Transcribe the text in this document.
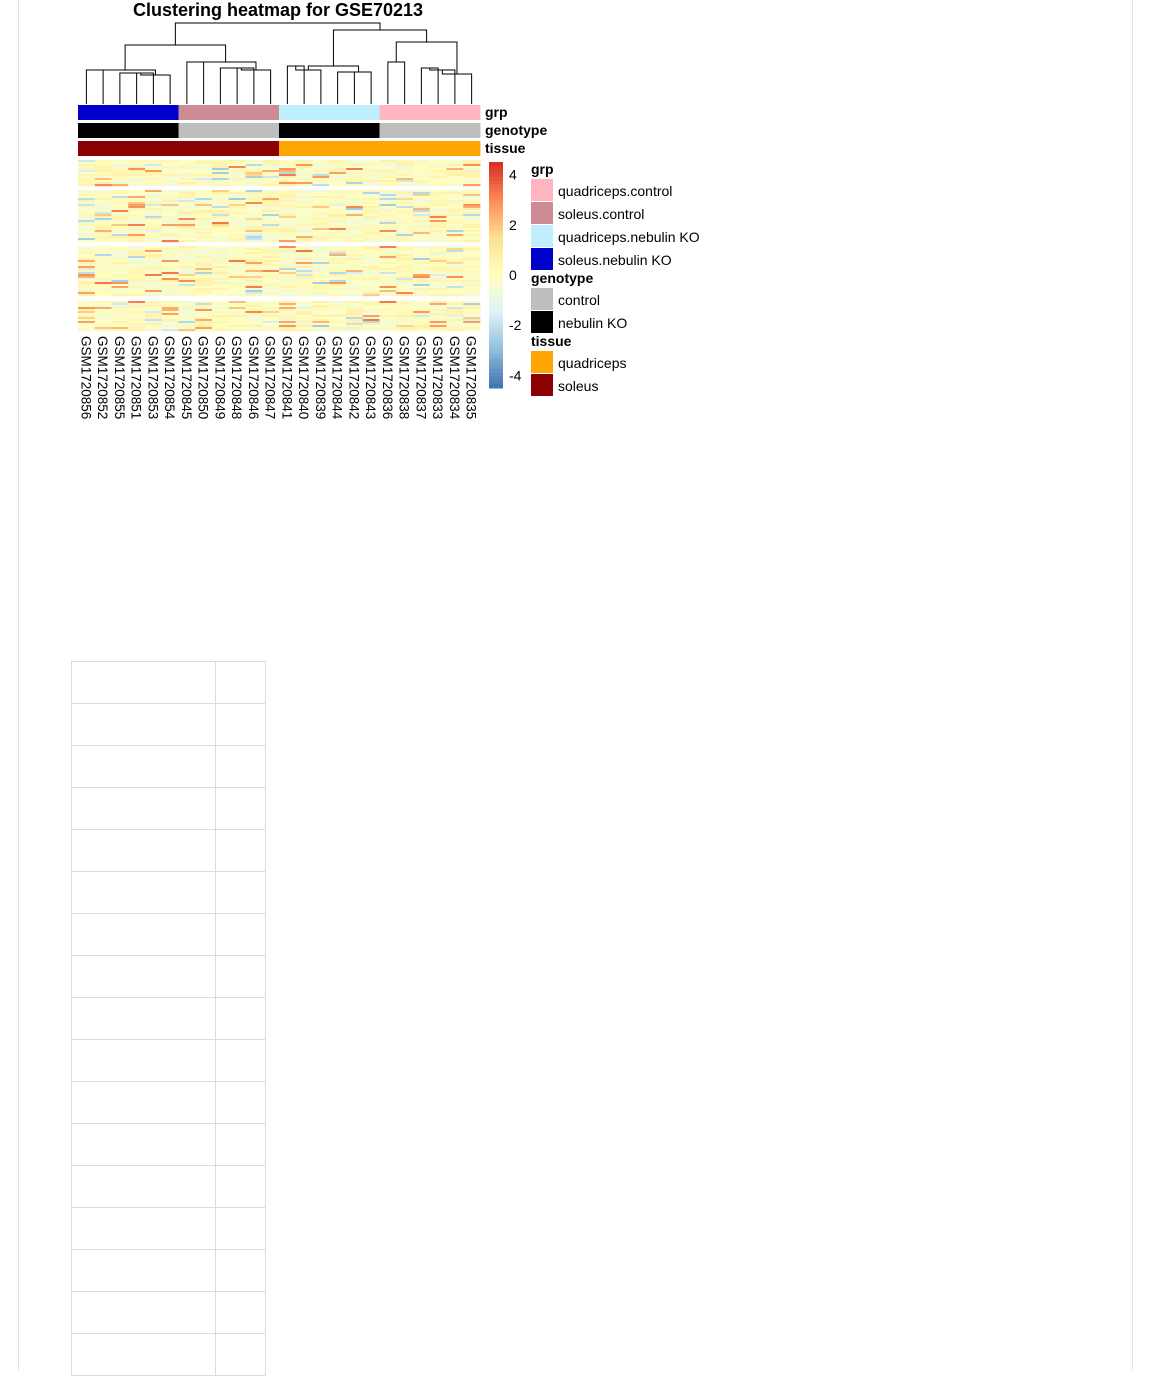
Clustering heatmap for GSE70213
grp
genotype
tissue
4
2
0
-2
-4
grp
quadriceps.control
soleus.control
quadriceps.nebulin KO
soleus.nebulin KO
genotype
control
nebulin KO
tissue
quadriceps
soleus
GSM1720856 GSM1720852 GSM1720855 GSM1720851 GSM1720853 GSM1720854 GSM1720845 GSM1720850 GSM1720849 GSM1720848 GSM1720846 GSM1720847 GSM1720841 GSM1720840 GSM1720839 GSM1720844 GSM1720842 GSM1720843 GSM1720836 GSM1720838 GSM1720837 GSM1720833 GSM1720834 GSM1720835
